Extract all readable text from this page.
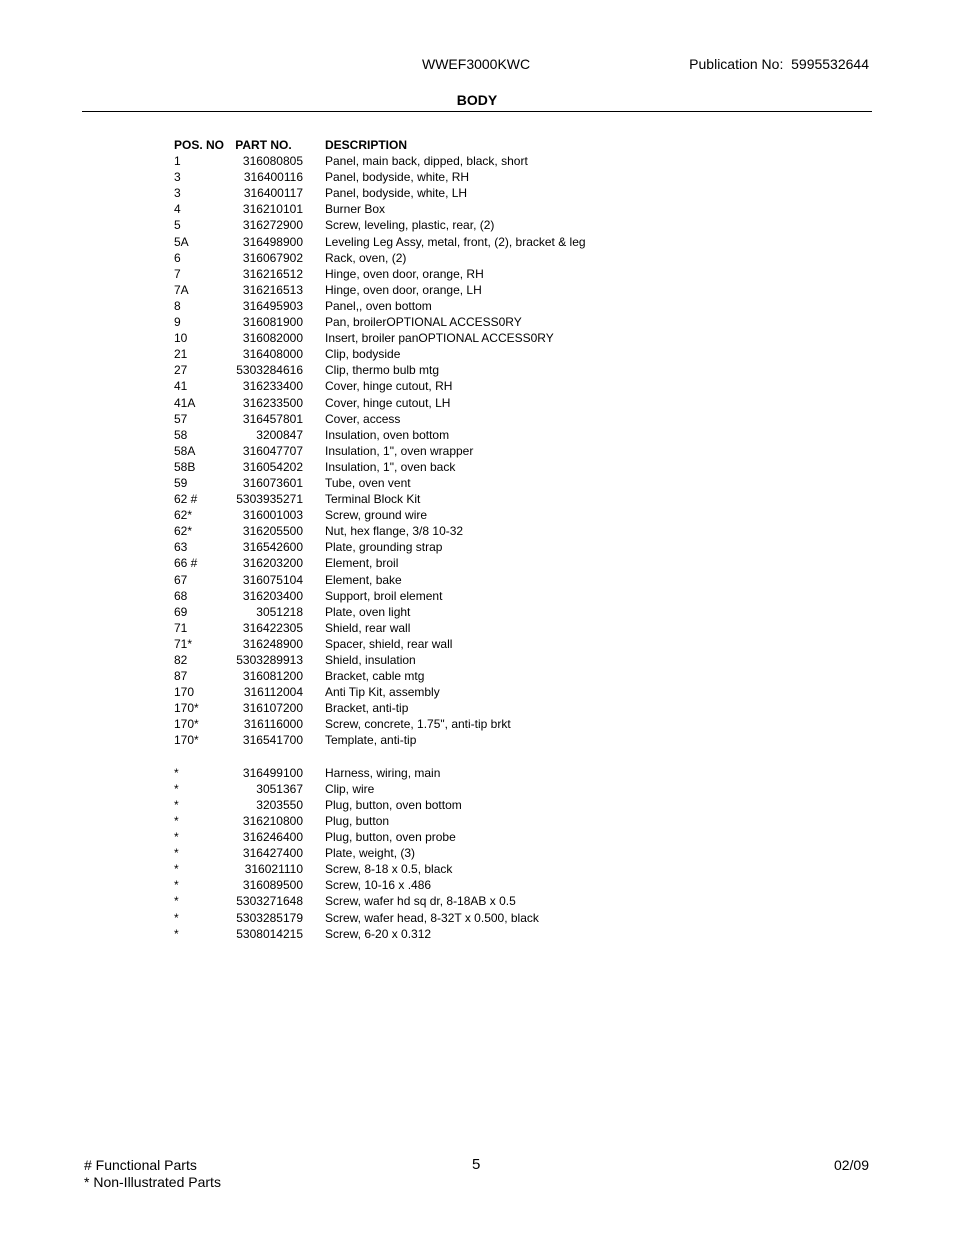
WWEF3000KWC	Publication No: 5995532644
BODY
POS. NO PART NO.	DESCRIPTION
1	316080805 Panel, main back, dipped, black, short
3	316400116 Panel, bodyside, white, RH
3	316400117 Panel, bodyside, white, LH
4	316210101 Burner Box
5	316272900 Screw, leveling, plastic, rear, (2)
5A	316498900 Leveling Leg Assy, metal, front, (2), bracket & leg
6	316067902 Rack, oven, (2)
7	316216512 Hinge, oven door, orange, RH
7A	316216513 Hinge, oven door, orange, LH
8	316495903 Panel,, oven bottom
9	316081900 Pan, broilerOPTIONAL ACCESS0RY
10	316082000 Insert, broiler panOPTIONAL ACCESS0RY
21	316408000 Clip, bodyside
27	5303284616 Clip, thermo bulb mtg
41	316233400 Cover, hinge cutout, RH
41A	316233500 Cover, hinge cutout, LH
57	316457801 Cover, access
58	3200847 Insulation, oven bottom
58A	316047707 Insulation, 1", oven wrapper
58B	316054202 Insulation, 1", oven back
59	316073601 Tube, oven vent
62 #	5303935271 Terminal Block Kit
62*	316001003 Screw, ground wire
62*	316205500 Nut, hex flange, 3/8 10-32
63	316542600 Plate, grounding strap
66 #	316203200 Element, broil
67	316075104 Element, bake
68	316203400 Support, broil element
69	3051218 Plate, oven light
71	316422305 Shield, rear wall
71*	316248900 Spacer, shield, rear wall
82	5303289913 Shield, insulation
87	316081200 Bracket, cable mtg
170	316112004 Anti Tip Kit, assembly
170*	316107200 Bracket, anti-tip
170*	316116000 Screw, concrete, 1.75", anti-tip brkt
170*	316541700 Template, anti-tip
*	316499100 Harness, wiring, main
*	3051367 Clip, wire
*	3203550 Plug, button, oven bottom
*	316210800 Plug, button
*	316246400 Plug, button, oven probe
*	316427400 Plate, weight, (3)
*	316021110 Screw, 8-18 x 0.5, black
*	316089500 Screw, 10-16 x .486
*	5303271648 Screw, wafer hd sq dr, 8-18AB x 0.5
*	5303285179 Screw, wafer head, 8-32T x 0.500, black
*	5308014215 Screw, 6-20 x 0.312
# Functional Parts
* Non-Illustrated Parts
5	02/09
